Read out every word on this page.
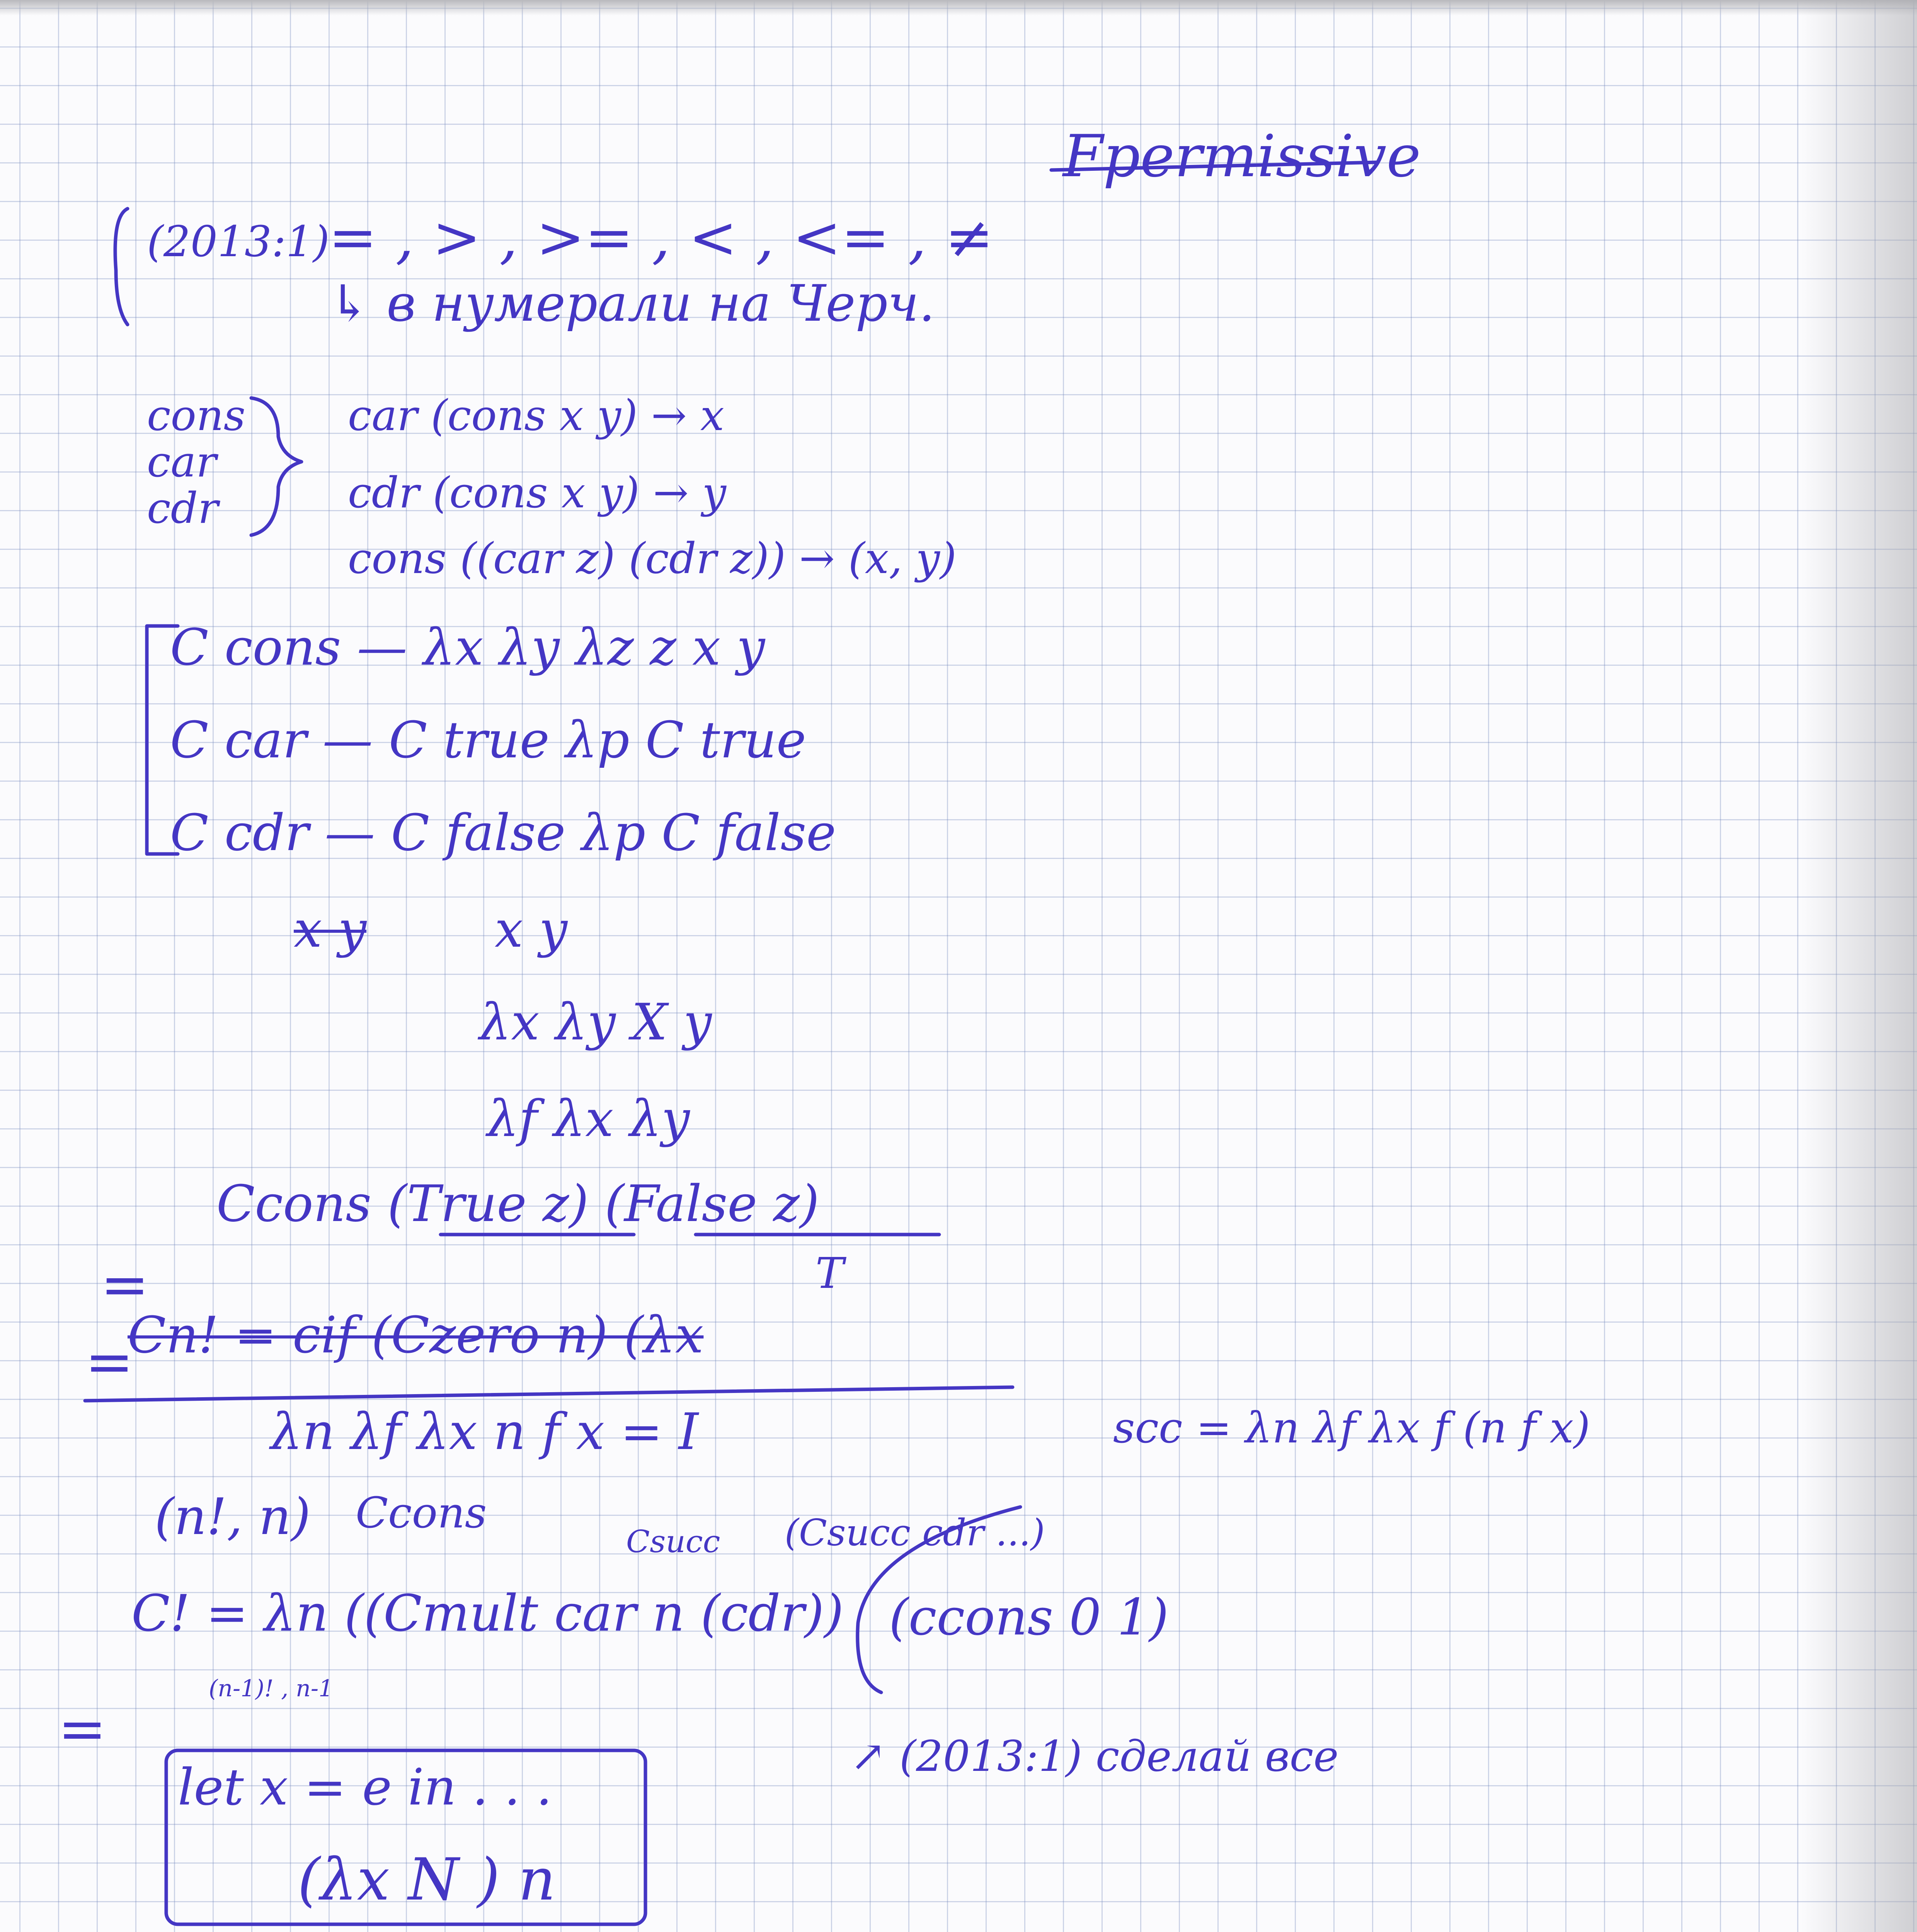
Fpermissive
(2013:1)
= , > , >= , < , <= , ≠
↳ в нумерали на Черч.
cons
car
cdr
car (cons x y) → x
cdr (cons x y) → y
cons ((car z) (cdr z)) → (x, y)
C cons — λx λy λz z x y
C car — C true λp C true
C cdr — C false λp C false
x y	x y
λx λy X y
λf λx λy
Ccons (True z) (False z)
T
=
Cn! = cif (Czero n) (λx
=
λn λf λx n f x = I	scc = λn λf λx f (n f x)
(n!, n) Ccons
Csucc (Csucc cdr ...)
C! = λn ((Cmult car n (cdr)) (ccons 0 1)
(n-1)! , n-1
↗ (2013:1) сделай все
=
let x = e in . . .
(λx N ) n
